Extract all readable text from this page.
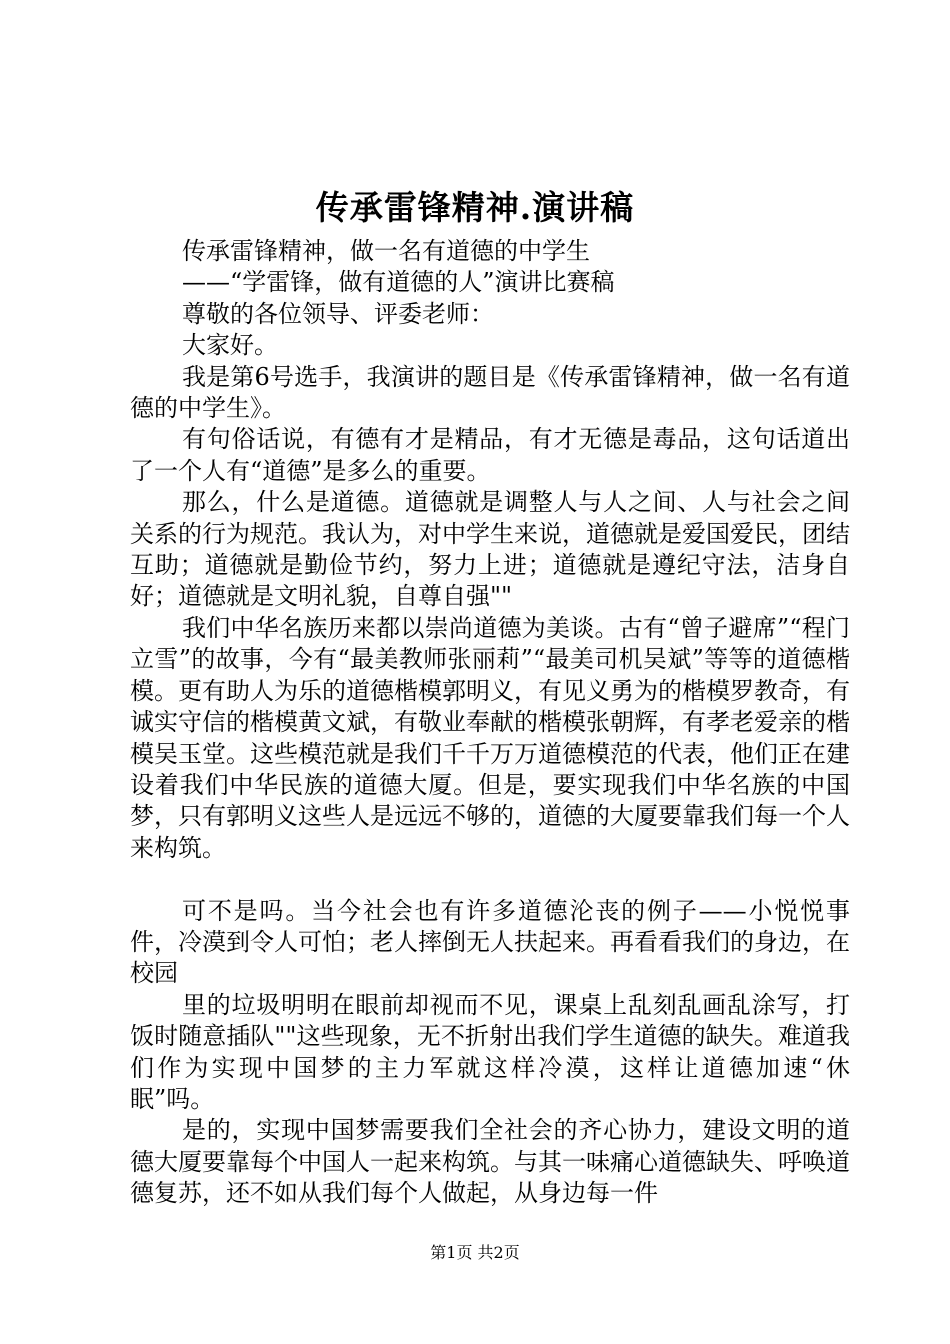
传承雷锋精神.演讲稿

传承雷锋精神，做一名有道德的中学生

——“学雷锋，做有道德的人”演讲比赛稿

尊敬的各位领导、评委老师：

大家好。

我是第6号选手，我演讲的题目是《传承雷锋精神，做一名有道德的中学生》。

有句俗话说，有德有才是精品，有才无德是毒品，这句话道出了一个人有“道德”是多么的重要。

那么，什么是道德。道德就是调整人与人之间、人与社会之间关系的行为规范。我认为，对中学生来说，道德就是爱国爱民，团结互助；道德就是勤俭节约，努力上进；道德就是遵纪守法，洁身自好；道德就是文明礼貌，自尊自强""

我们中华名族历来都以崇尚道德为美谈。古有“曾子避席”“程门立雪”的故事，今有“最美教师张丽莉”“最美司机吴斌”等等的道德楷模。更有助人为乐的道德楷模郭明义，有见义勇为的楷模罗教奇，有诚实守信的楷模黄文斌，有敬业奉献的楷模张朝辉，有孝老爱亲的楷模吴玉堂。这些模范就是我们千千万万道德模范的代表，他们正在建设着我们中华民族的道德大厦。但是，要实现我们中华名族的中国梦，只有郭明义这些人是远远不够的，道德的大厦要靠我们每一个人来构筑。

可不是吗。当今社会也有许多道德沦丧的例子——小悦悦事件，冷漠到令人可怕；老人摔倒无人扶起来。再看看我们的身边，在校园

里的垃圾明明在眼前却视而不见，课桌上乱刻乱画乱涂写，打饭时随意插队""这些现象，无不折射出我们学生道德的缺失。难道我们作为实现中国梦的主力军就这样冷漠，这样让道德加速“休眠”吗。

是的，实现中国梦需要我们全社会的齐心协力，建设文明的道德大厦要靠每个中国人一起来构筑。与其一味痛心道德缺失、呼唤道德复苏，还不如从我们每个人做起，从身边每一件

第1页 共2页
